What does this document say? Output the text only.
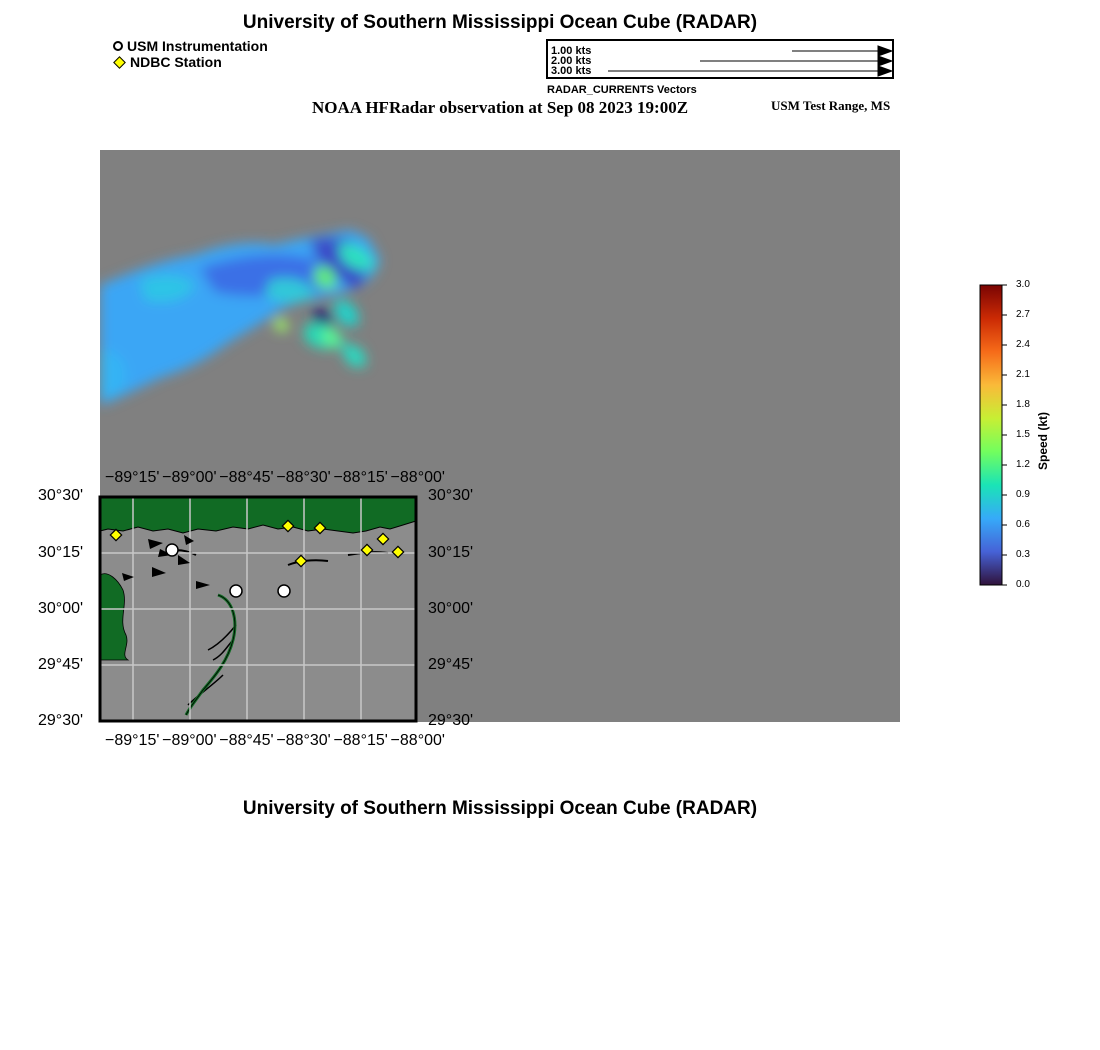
University of Southern Mississippi Ocean Cube (RADAR)
USM Instrumentation
NDBC Station
1.00 kts
2.00 kts
3.00 kts
RADAR_CURRENTS Vectors
NOAA HFRadar observation at Sep 08 2023 19:00Z	USM Test Range, MS
−89°15' −89°00' −88°45' −88°30' −88°15' −88°00'
−89°15' −89°00' −88°45' −88°30' −88°15' −88°00'
30°30'
30°15'
30°00'
29°45'
29°30'
30°30'
30°15'
30°00'
29°45'
29°30'
3.0
2.7
2.4
2.1
1.8
1.5
1.2
0.9
0.6
0.3
0.0
Speed (kt)
University of Southern Mississippi Ocean Cube (RADAR)
